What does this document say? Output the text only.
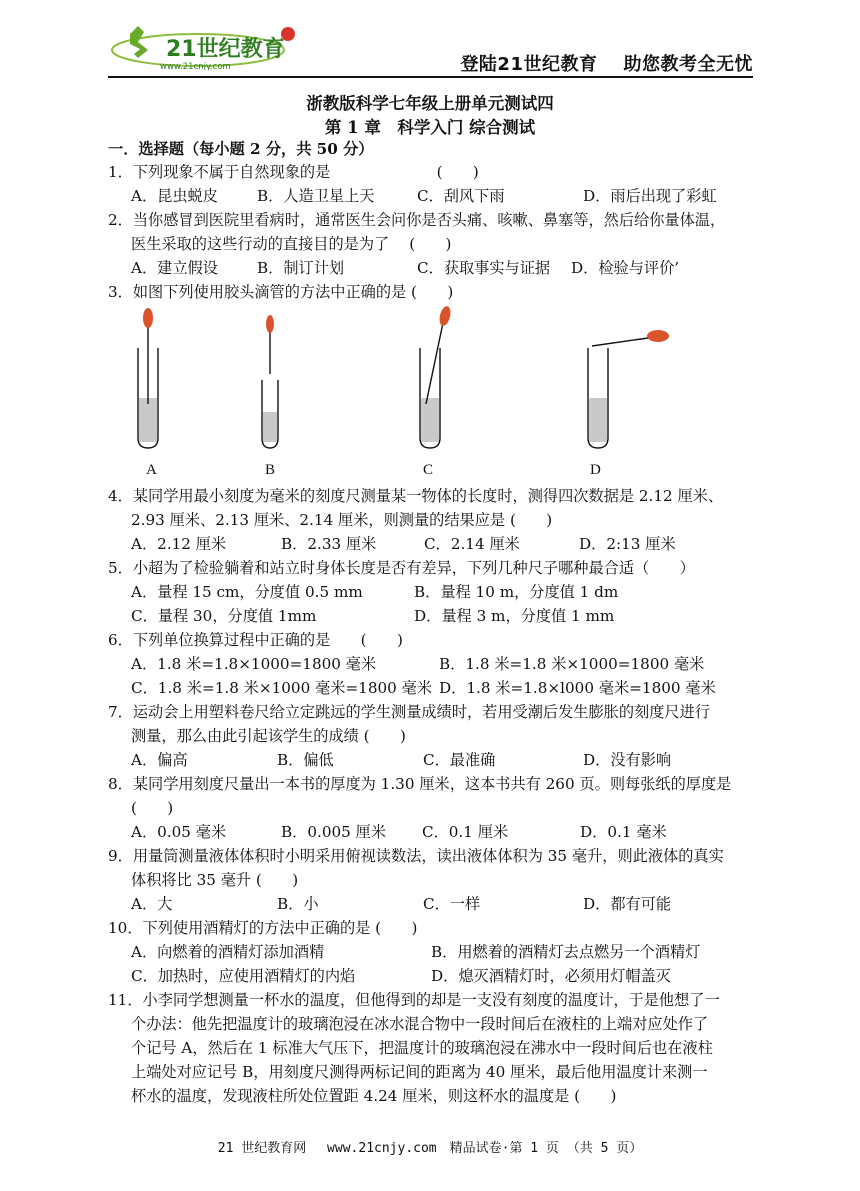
21世纪教育
www.21cnjy.com	登陆21世纪教育 助您教考全无忧
浙教版科学七年级上册单元测试四
第 1 章　科学入门 综合测试
一．选择题（每小题 2 分，共 50 分）
1．下列现象不属于自然现象的是　　　　　　　(　　)
A．昆虫蜕皮	B．人造卫星上天	C．刮风下雨	D．雨后出现了彩虹
2．当你感冒到医院里看病时，通常医生会问你是否头痛、咳嗽、鼻塞等，然后给你量体温，
医生采取的这些行动的直接目的是为了　 (　　)
A．建立假设	B．制订计划	C．获取事实与证据	D．检验与评价’
3．如图下列使用胶头滴管的方法中正确的是 (　　)
A	B	C	D
4．某同学用最小刻度为毫米的刻度尺测量某一物体的长度时，测得四次数据是 2.12 厘米、
2.93 厘米、2.13 厘米、2.14 厘米，则测量的结果应是 (　　)
A．2.12 厘米	B．2.33 厘米	C．2.14 厘米	D．2:13 厘米
5．小超为了检验躺着和站立时身体长度是否有差异，下列几种尺子哪种最合适（　　）
A．量程 15 cm，分度值 0.5 mm	B．量程 10 m，分度值 1 dm
C．量程 30，分度值 1mm	D．量程 3 m，分度值 1 mm
6．下列单位换算过程中正确的是　　(　　)
A．1.8 米=1.8×1000=1800 毫米	B．1.8 米=1.8 米×1000=1800 毫米
C．1.8 米=1.8 米×1000 毫米=1800 毫米 D．1.8 米=1.8×l000 毫米=1800 毫米
7．运动会上用塑料卷尺给立定跳远的学生测量成绩时，若用受潮后发生膨胀的刻度尺进行
测量，那么由此引起该学生的成绩 (　　)
A．偏高	B．偏低	C．最准确	D．没有影响
8．某同学用刻度尺量出一本书的厚度为 1.30 厘米，这本书共有 260 页。则每张纸的厚度是
(　　)
A．0.05 毫米	B．0.005 厘米	C．0.1 厘米	D．0.1 毫米
9．用量筒测量液体体积时小明采用俯视读数法，读出液体体积为 35 毫升，则此液体的真实
体积将比 35 毫升 (　　)
A．大	B．小	C．一样	D．都有可能
10．下列使用酒精灯的方法中正确的是 (　　)
A．向燃着的酒精灯添加酒精	B．用燃着的酒精灯去点燃另一个酒精灯
C．加热时，应使用酒精灯的内焰	D．熄灭酒精灯时，必须用灯帽盖灭
11．小李同学想测量一杯水的温度，但他得到的却是一支没有刻度的温度计，于是他想了一
个办法：他先把温度计的玻璃泡浸在冰水混合物中一段时间后在液柱的上端对应处作了
个记号 A，然后在 1 标准大气压下，把温度计的玻璃泡浸在沸水中一段时间后也在液柱
上端处对应记号 B，用刻度尺测得两标记间的距离为 40 厘米，最后他用温度计来测一
杯水的温度，发现液柱所处位置距 4.24 厘米，则这杯水的温度是 (　　)
21 世纪教育网　 www.21cnjy.com　精品试卷·第 1 页 （共 5 页）
